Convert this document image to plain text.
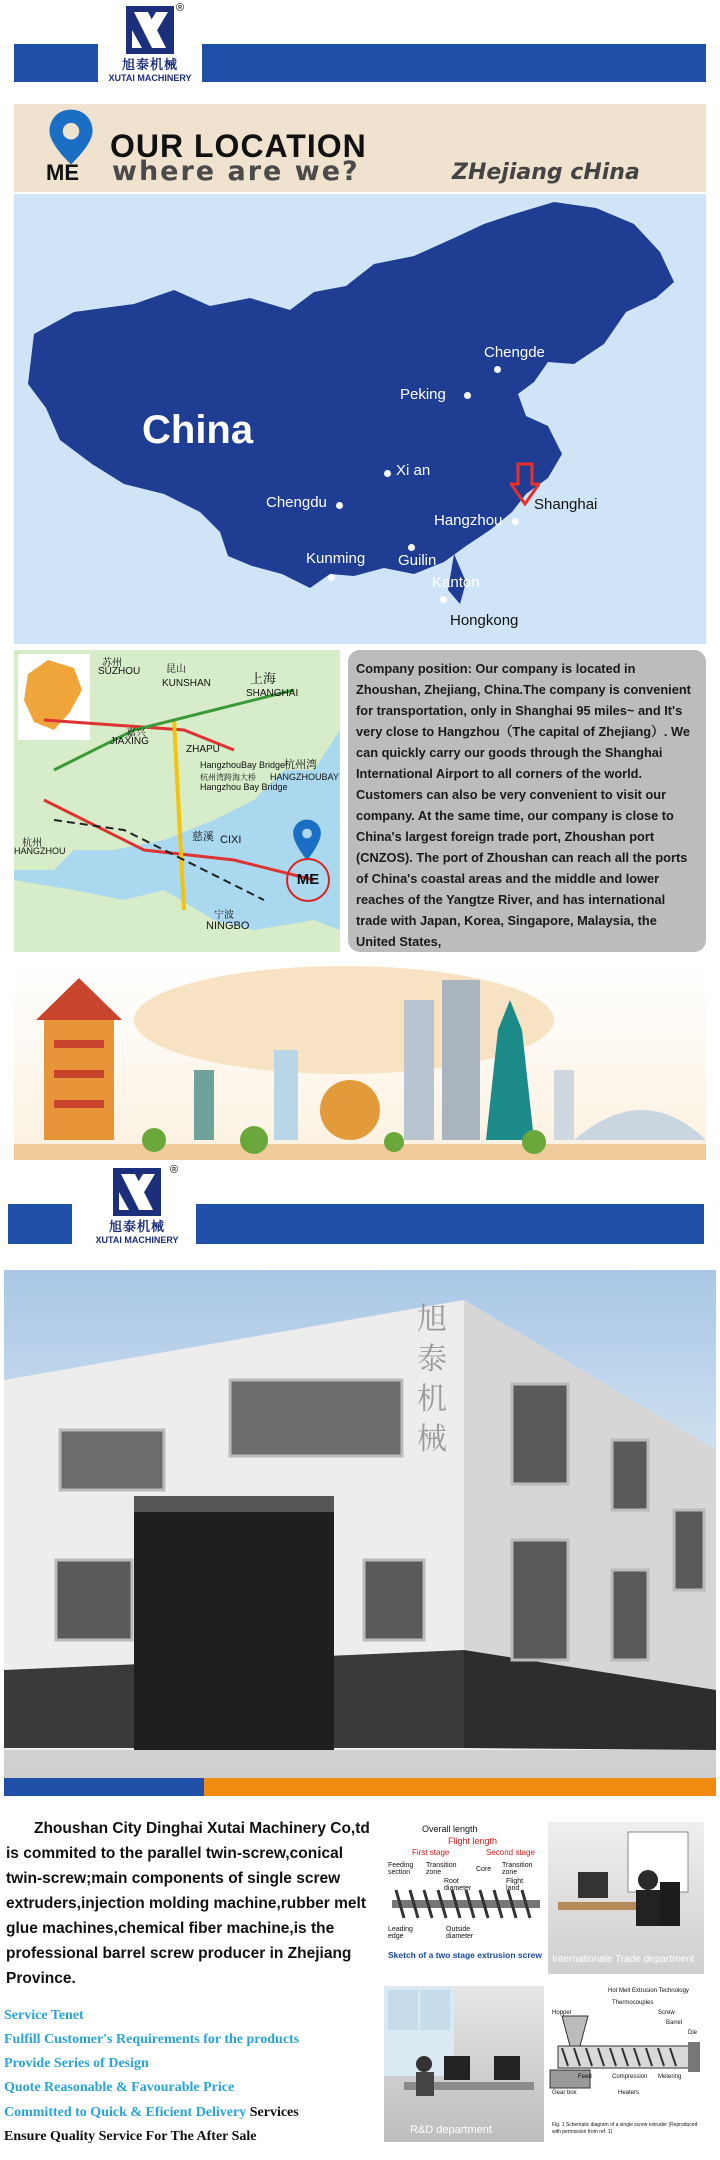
旭泰机械
XUTAI MACHINERY
®
ME
OUR LOCATION
where are we?	ZHejiang cHina
China
Chengde
Peking
Xi an
Chengdu
Hangzhou
Shanghai
Kunming Guilin
Kanton
Hongkong
苏州
SUZHOU	昆山
KUNSHAN	上海
SHANGHAI
嘉兴
JIAXING
ZHAPU
HangzhouBay Bridge
杭州湾跨海大桥
Hangzhou Bay Bridge
杭州湾
HANGZHOUBAY
杭州
HANGZHOU
慈溪 CIXI
宁波
NINGBO
ME
Company position: Our company is located in Zhoushan, Zhejiang, China.The company is convenient for transportation, only in Shanghai 95 miles~ and It's very close to Hangzhou（The capital of Zhejiang）. We can quickly carry our goods through the Shanghai International Airport to all corners of the world. Customers can also be very convenient to visit our company. At the same time, our company is close to China's largest foreign trade port, Zhoushan port (CNZOS). The port of Zhoushan can reach all the ports of China's coastal areas and the middle and lower reaches of the Yangtze River, and has international trade with Japan, Korea, Singapore, Malaysia, the United States,
旭泰机械
XUTAI MACHINERY
®
旭
泰
机
械
Zhoushan City Dinghai Xutai Machinery Co,td is commited to the parallel twin-screw,conical twin-screw;main components of single screw extruders,injection molding machine,rubber melt glue machines,chemical fiber machine,is the professional barrel screw producer in Zhejiang Province.
Service Tenet
Fulfill Customer's Requirements for the products
Provide Series of Design
Quote Reasonable & Favourable Price
Committed to Quick & Eficient Delivery Services
Ensure Quality Service For The After Sale
Overall length
Flight length
First stage	Second stage
Feeding section
Transition zone	Core
Transition zone
Leading edge
Root diameter
Outside diameter
Flight land
Sketch of a two stage extrusion screw Internationale Trade department
R&D department
Hot Melt Extrusion Technology
Thermocouples
Hopper	Screw
Barrel
Die
Feed	Compression Metering
Gear box	Heaters
Fig. 1 Schematic diagram of a single screw extruder (Reproduced with permission from ref. 1)
